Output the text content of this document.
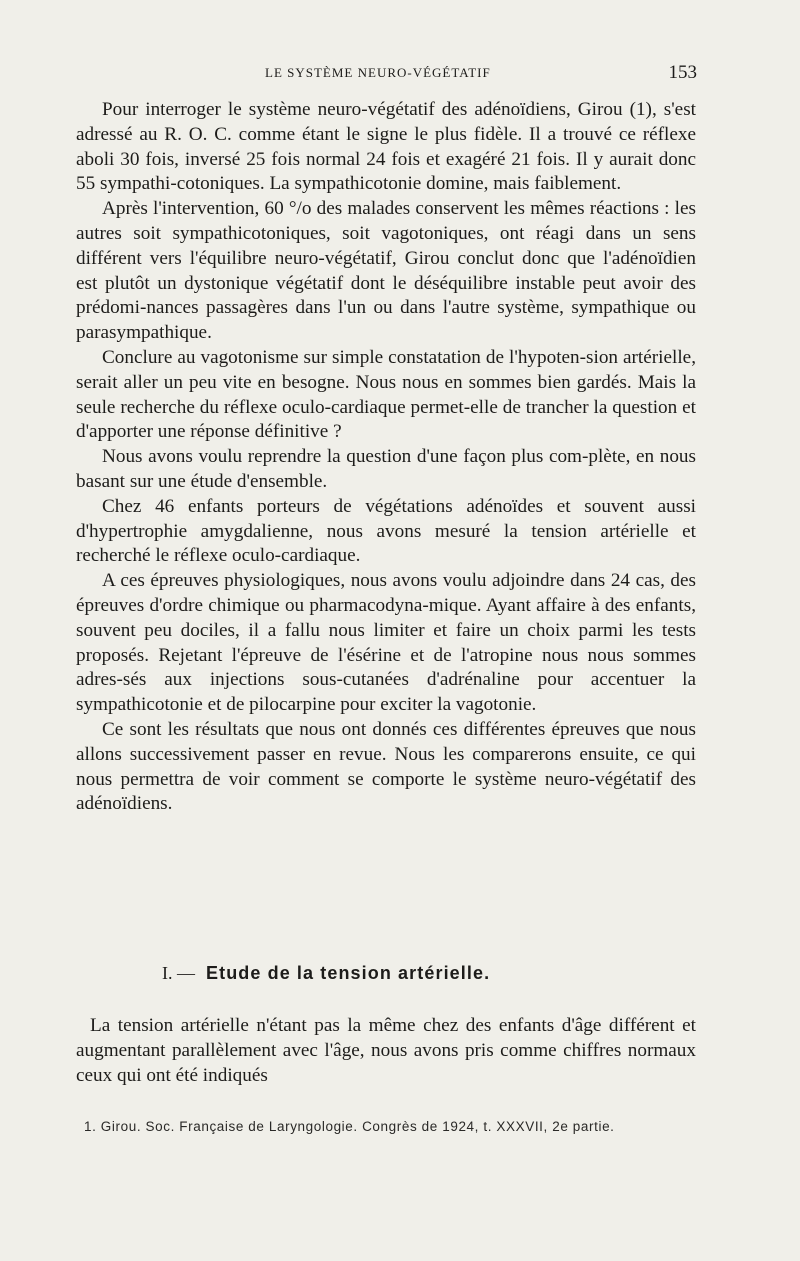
LE SYSTÈME NEURO-VÉGÉTATIF	153

Pour interroger le système neuro-végétatif des adénoïdiens, Girou (1), s'est adressé au R. O. C. comme étant le signe le plus fidèle. Il a trouvé ce réflexe aboli 30 fois, inversé 25 fois normal 24 fois et exagéré 21 fois. Il y aurait donc 55 sympathi-cotoniques. La sympathicotonie domine, mais faiblement.

Après l'intervention, 60 °/o des malades conservent les mêmes réactions : les autres soit sympathicotoniques, soit vagotoniques, ont réagi dans un sens différent vers l'équilibre neuro-végétatif, Girou conclut donc que l'adénoïdien est plutôt un dystonique végétatif dont le déséquilibre instable peut avoir des prédomi-nances passagères dans l'un ou dans l'autre système, sympathique ou parasympathique.

Conclure au vagotonisme sur simple constatation de l'hypoten-sion artérielle, serait aller un peu vite en besogne. Nous nous en sommes bien gardés. Mais la seule recherche du réflexe oculo-cardiaque permet-elle de trancher la question et d'apporter une réponse définitive ?

Nous avons voulu reprendre la question d'une façon plus com-plète, en nous basant sur une étude d'ensemble.

Chez 46 enfants porteurs de végétations adénoïdes et souvent aussi d'hypertrophie amygdalienne, nous avons mesuré la tension artérielle et recherché le réflexe oculo-cardiaque.

A ces épreuves physiologiques, nous avons voulu adjoindre dans 24 cas, des épreuves d'ordre chimique ou pharmacodyna-mique. Ayant affaire à des enfants, souvent peu dociles, il a fallu nous limiter et faire un choix parmi les tests proposés. Rejetant l'épreuve de l'ésérine et de l'atropine nous nous sommes adres-sés aux injections sous-cutanées d'adrénaline pour accentuer la sympathicotonie et de pilocarpine pour exciter la vagotonie.

Ce sont les résultats que nous ont donnés ces différentes épreuves que nous allons successivement passer en revue. Nous les comparerons ensuite, ce qui nous permettra de voir comment se comporte le système neuro-végétatif des adénoïdiens.

I. — Etude de la tension artérielle.

La tension artérielle n'étant pas la même chez des enfants d'âge différent et augmentant parallèlement avec l'âge, nous avons pris comme chiffres normaux ceux qui ont été indiqués

1. Girou. Soc. Française de Laryngologie. Congrès de 1924, t. XXXVII, 2e partie.
